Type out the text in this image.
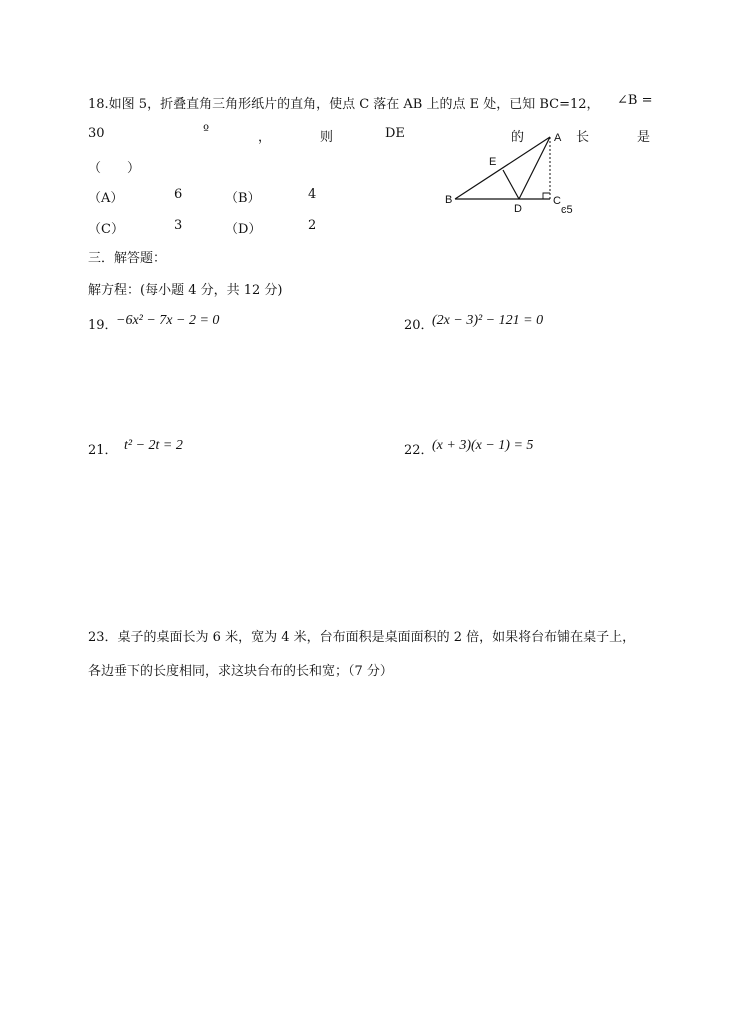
18.如图 5，折叠直角三角形纸片的直角，使点 C 落在 AB 上的点 E 处，已知 BC=12， ∠B =
30	º	，	则	DE	的	长	是
（　　）
（A）	6	（B）	4
（C）	3	（D）	2
B
A
E
D
C
ͼ5
三．解答题：
解方程：(每小题 4 分，共 12 分)
19．
−6x² − 7x − 2 = 0	20．
(2x − 3)² − 121 = 0
21． t² − 2t = 2	22．
(x + 3)(x − 1) = 5
23．桌子的桌面长为 6 米，宽为 4 米，台布面积是桌面面积的 2 倍，如果将台布铺在桌子上，
各边垂下的长度相同，求这块台布的长和宽；（7 分）
